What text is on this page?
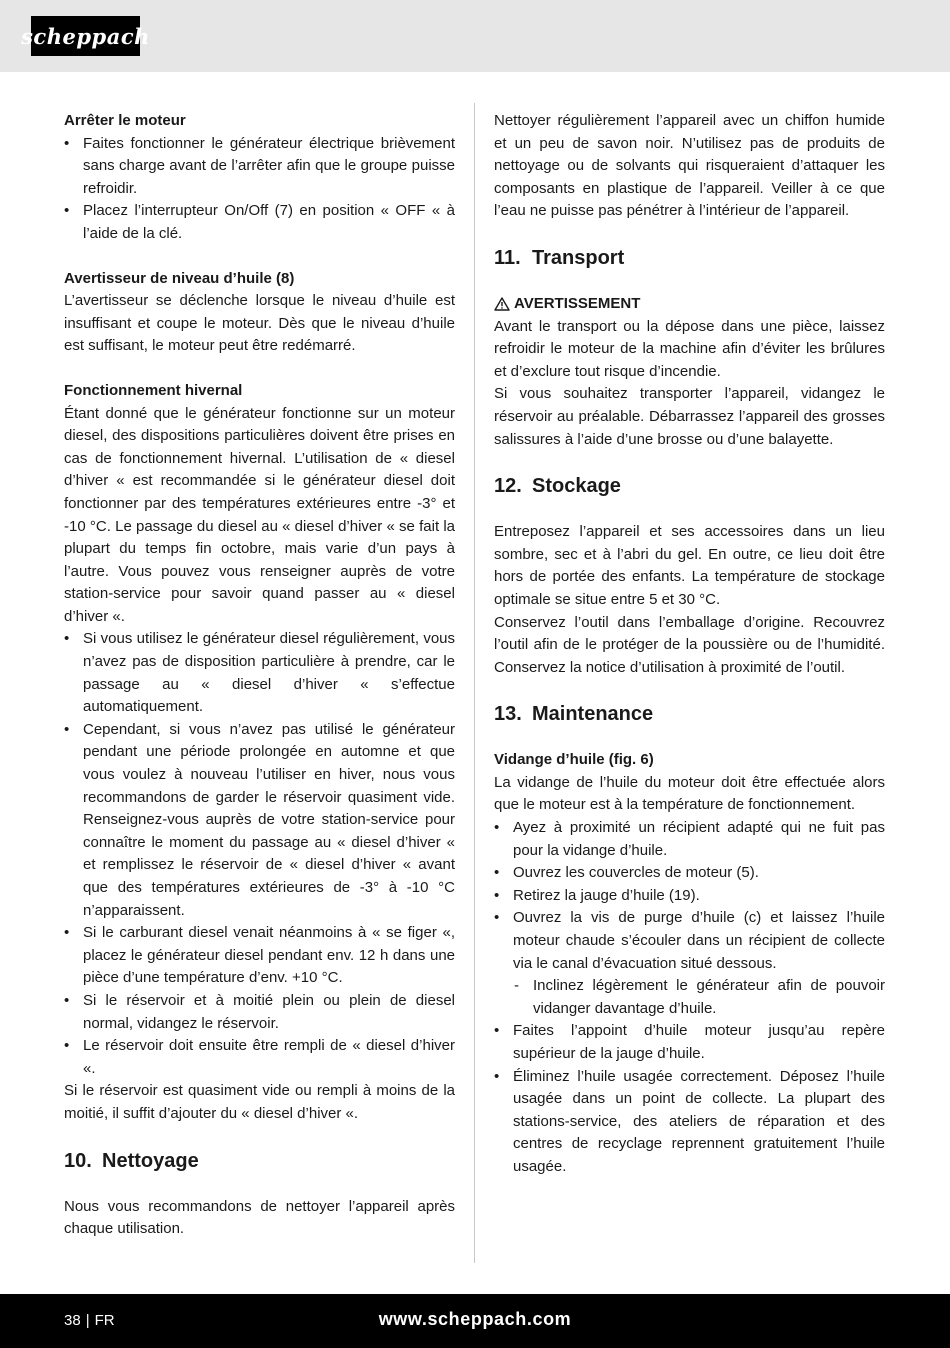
scheppach

Arrêter le moteur

• Faites fonctionner le générateur électrique brièvement sans charge avant de l’arrêter afin que le groupe puisse refroidir.
• Placez l’interrupteur On/Off (7) en position « OFF « à l’aide de la clé.

Avertisseur de niveau d’huile (8)

L’avertisseur se déclenche lorsque le niveau d’huile est insuffisant et coupe le moteur. Dès que le niveau d’huile est suffisant, le moteur peut être redémarré.

Fonctionnement hivernal

Étant donné que le générateur fonctionne sur un moteur diesel, des dispositions particulières doivent être prises en cas de fonctionnement hivernal. L’utilisation de « diesel d’hiver « est recommandée si le générateur diesel doit fonctionner par des températures extérieures entre -3° et -10 °C. Le passage du diesel au « diesel d’hiver « se fait la plupart du temps fin octobre, mais varie d’un pays à l’autre. Vous pouvez vous renseigner auprès de votre station-service pour savoir quand passer au « diesel d’hiver «.

• Si vous utilisez le générateur diesel régulièrement, vous n’avez pas de disposition particulière à prendre, car le passage au « diesel d’hiver « s’effectue automatiquement.
• Cependant, si vous n’avez pas utilisé le générateur pendant une période prolongée en automne et que vous voulez à nouveau l’utiliser en hiver, nous vous recommandons de garder le réservoir quasiment vide. Renseignez-vous auprès de votre station-service pour connaître le moment du passage au « diesel d’hiver « et remplissez le réservoir de « diesel d’hiver « avant que des températures extérieures de -3° à -10 °C n’apparaissent.
• Si le carburant diesel venait néanmoins à « se figer «, placez le générateur diesel pendant env. 12 h dans une pièce d’une température d’env. +10 °C.
• Si le réservoir et à moitié plein ou plein de diesel normal, vidangez le réservoir.
• Le réservoir doit ensuite être rempli de « diesel d’hiver «.

Si le réservoir est quasiment vide ou rempli à moins de la moitié, il suffit d’ajouter du « diesel d’hiver «.

10. Nettoyage

Nous vous recommandons de nettoyer l’appareil après chaque utilisation.

Nettoyer régulièrement l’appareil avec un chiffon humide et un peu de savon noir. N’utilisez pas de produits de nettoyage ou de solvants qui risqueraient d’attaquer les composants en plastique de l’appareil. Veiller à ce que l’eau ne puisse pas pénétrer à l’intérieur de l’appareil.

11. Transport

AVERTISSEMENT

Avant le transport ou la dépose dans une pièce, laissez refroidir le moteur de la machine afin d’éviter les brûlures et d’exclure tout risque d’incendie.

Si vous souhaitez transporter l’appareil, vidangez le réservoir au préalable. Débarrassez l’appareil des grosses salissures à l’aide d’une brosse ou d’une balayette.

12. Stockage

Entreposez l’appareil et ses accessoires dans un lieu sombre, sec et à l’abri du gel. En outre, ce lieu doit être hors de portée des enfants. La température de stockage optimale se situe entre 5 et 30 °C.

Conservez l’outil dans l’emballage d’origine. Recouvrez l’outil afin de le protéger de la poussière ou de l’humidité. Conservez la notice d’utilisation à proximité de l’outil.

13. Maintenance

Vidange d’huile (fig. 6)

La vidange de l’huile du moteur doit être effectuée alors que le moteur est à la température de fonctionnement.

• Ayez à proximité un récipient adapté qui ne fuit pas pour la vidange d’huile.
• Ouvrez les couvercles de moteur (5).
• Retirez la jauge d’huile (19).
• Ouvrez la vis de purge d’huile (c) et laissez l’huile moteur chaude s’écouler dans un récipient de collecte via le canal d’évacuation situé dessous.
- Inclinez légèrement le générateur afin de pouvoir vidanger davantage d’huile.
• Faites l’appoint d’huile moteur jusqu’au repère supérieur de la jauge d’huile.
• Éliminez l’huile usagée correctement. Déposez l’huile usagée dans un point de collecte. La plupart des stations-service, des ateliers de réparation et des centres de recyclage reprennent gratuitement l’huile usagée.
38 | FR	www.scheppach.com
